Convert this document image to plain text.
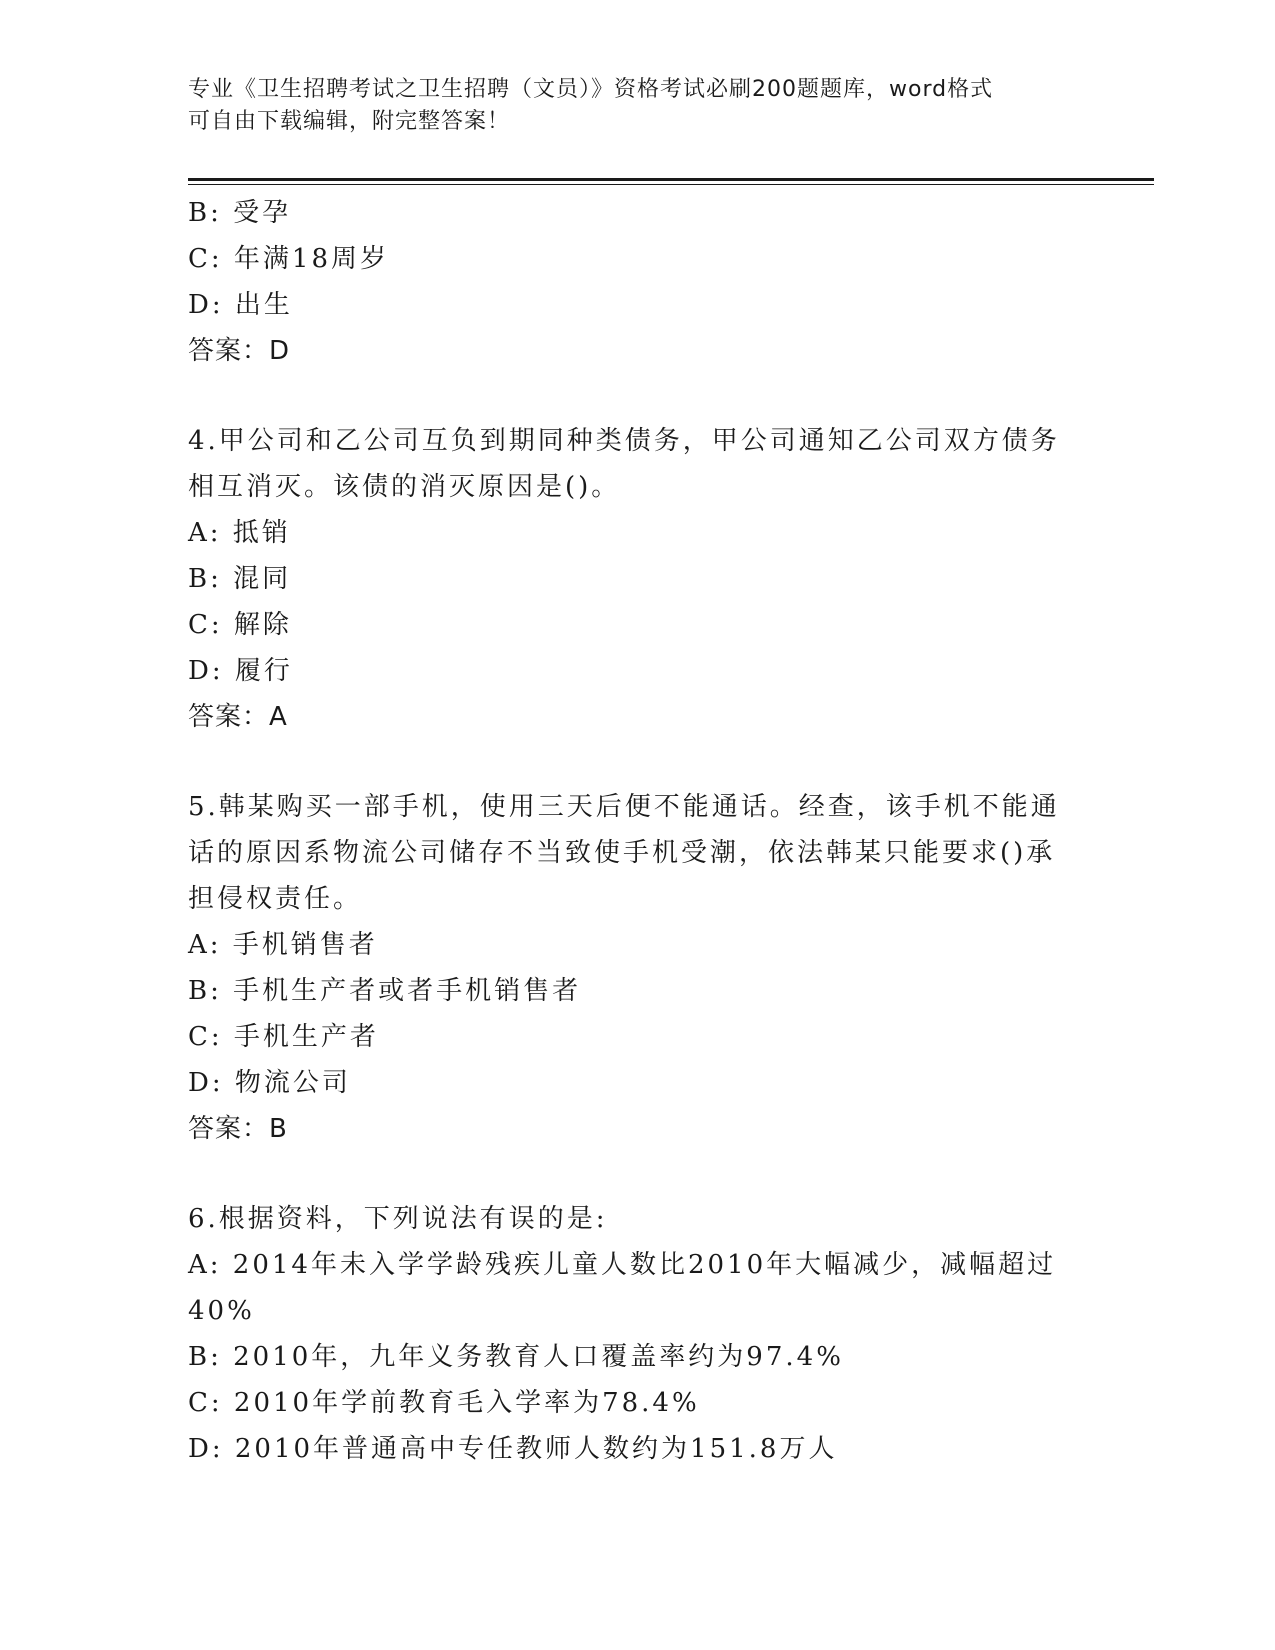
专业《卫生招聘考试之卫生招聘（文员）》资格考试必刷200题题库，word格式
可自由下载编辑，附完整答案！
B: 受孕
C: 年满18周岁
D: 出生
答案：D
4.甲公司和乙公司互负到期同种类债务，甲公司通知乙公司双方债务
相互消灭。该债的消灭原因是()。
A: 抵销
B: 混同
C: 解除
D: 履行
答案：A
5.韩某购买一部手机，使用三天后便不能通话。经查，该手机不能通
话的原因系物流公司储存不当致使手机受潮，依法韩某只能要求()承
担侵权责任。
A: 手机销售者
B: 手机生产者或者手机销售者
C: 手机生产者
D: 物流公司
答案：B
6.根据资料，下列说法有误的是:
A: 2014年未入学学龄残疾儿童人数比2010年大幅减少，减幅超过
40%
B: 2010年，九年义务教育人口覆盖率约为97.4%
C: 2010年学前教育毛入学率为78.4%
D: 2010年普通高中专任教师人数约为151.8万人
